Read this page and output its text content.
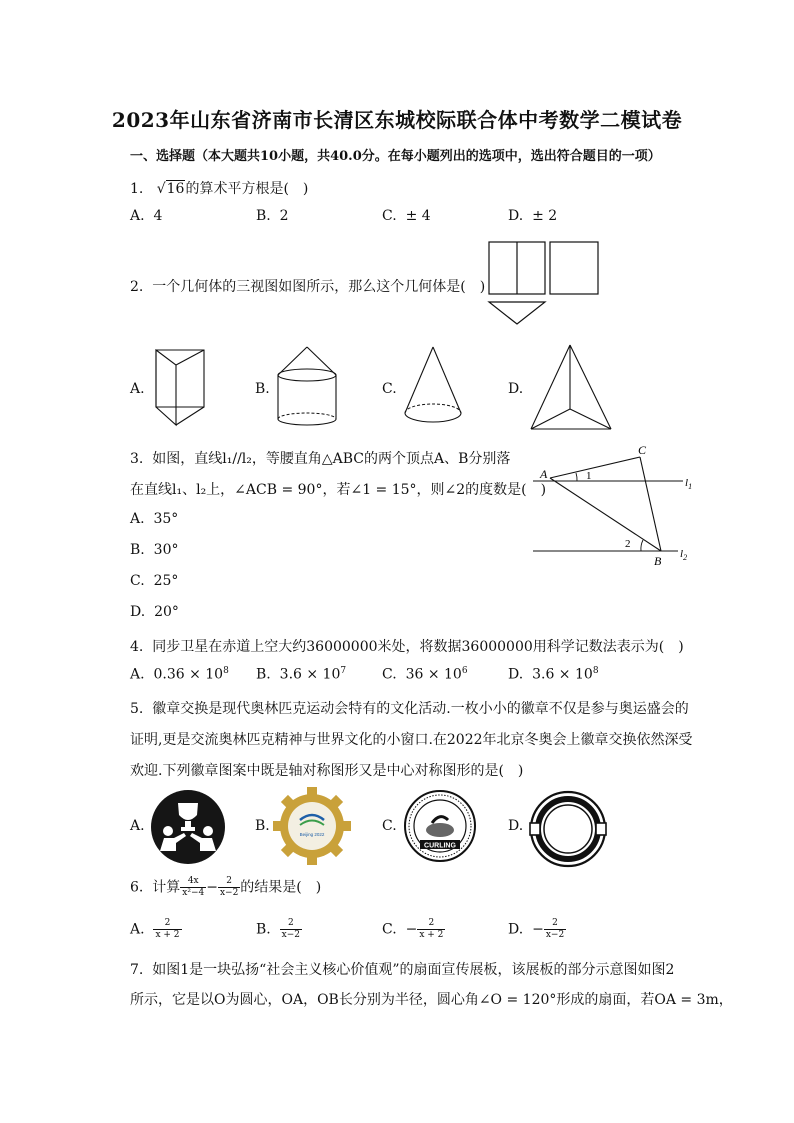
2023年山东省济南市长清区东城校际联合体中考数学二模试卷
一、选择题（本大题共10小题，共40.0分。在每小题列出的选项中，选出符合题目的一项）
1. √16的算术平方根是(　)
A. 4	B. 2	C. ± 4	D. ± 2
2. 一个几何体的三视图如图所示，那么这个几何体是(　)
A.	B.	C.	D.
3. 如图，直线l₁//l₂，等腰直角△ABC的两个顶点A、B分别落
在直线l₁、l₂上，∠ACB = 90°，若∠1 = 15°，则∠2的度数是(　)
A. 35°
B. 30°
C. 25°
D. 20°
A
C
B
1
2
$l_1$
$l_2$
4. 同步卫星在赤道上空大约36000000米处，将数据36000000用科学记数法表示为(　)
A. $0.36 \times 10^8$ B. $3.6 \times 10^7$	C. $36 \times 10^6$	D. $3.6 \times 10^8$
5. 徽章交换是现代奥林匹克运动会特有的文化活动.一枚小小的徽章不仅是参与奥运盛会的
证明,更是交流奥林匹克精神与世界文化的小窗口.在2022年北京冬奥会上徽章交换依然深受
欢迎.下列徽章图案中既是轴对称图形又是中心对称图形的是(　)
A.	B.
Beijing 2022
C.
CURLING
D.
6. 计算 $\frac{4x}{\text{x²−4}} - \frac{2}{x-2}$ 的结果是(　)
A. $\frac{2}{x + 2}$	B. $\frac{2}{x-2}$	C. − $\frac{2}{x + 2}$	D. − $\frac{2}{x-2}$
7. 如图1是一块弘扬“社会主义核心价值观”的扇面宣传展板，该展板的部分示意图如图2
所示，它是以O为圆心，OA，OB长分别为半径，圆心角∠O = 120°形成的扇面，若OA = 3m，
